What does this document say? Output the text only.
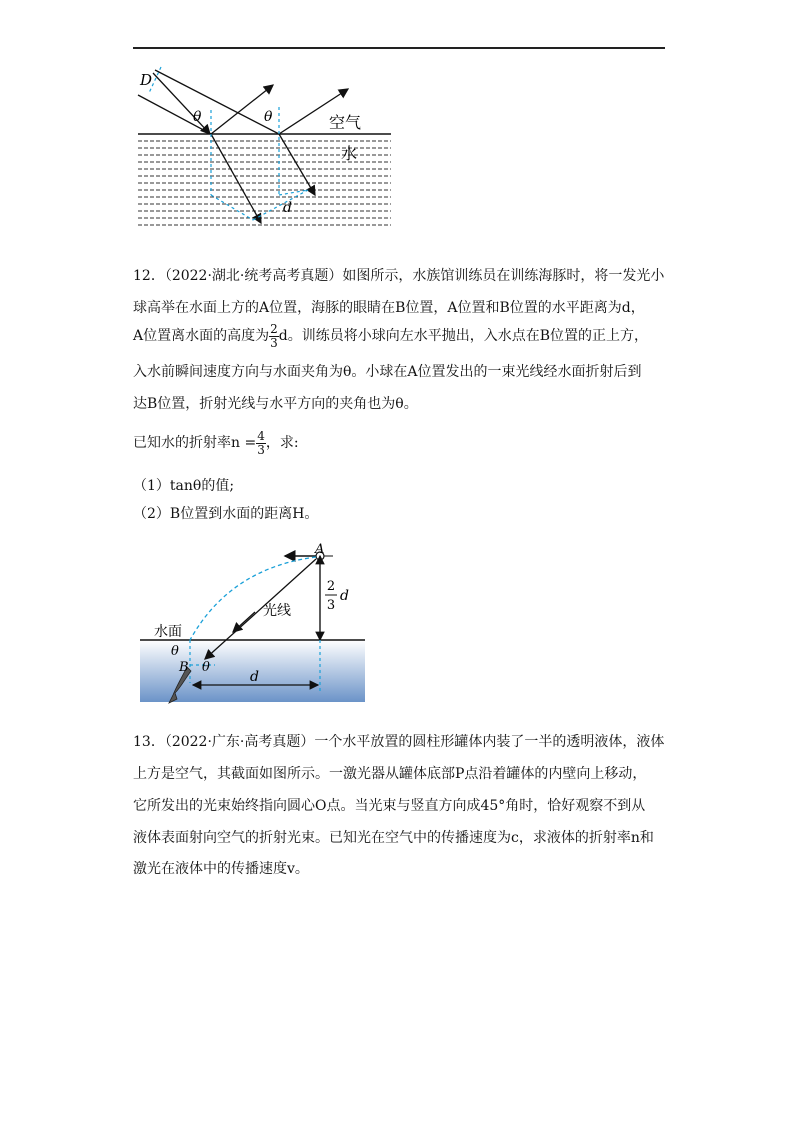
D
θ	θ	空气
水
d
12．（2022·湖北·统考高考真题）如图所示，水族馆训练员在训练海豚时，将一发光小
球高举在水面上方的A位置，海豚的眼睛在B位置，A位置和B位置的水平距离为d，
A位置离水面的高度为 $\frac{2}{3}$ d。训练员将小球向左水平抛出，入水点在B位置的正上方，
入水前瞬间速度方向与水面夹角为θ。小球在A位置发出的一束光线经水面折射后到
达B位置，折射光线与水平方向的夹角也为θ。
已知水的折射率$n = \frac{4}{3}$ ，求:
（1）tanθ的值;
（2）B位置到水面的距离H。
A
光线
水面
θ
B θ
d
2
3
d
13．（2022·广东·高考真题）一个水平放置的圆柱形罐体内装了一半的透明液体，液体
上方是空气，其截面如图所示。一激光器从罐体底部P点沿着罐体的内壁向上移动，
它所发出的光束始终指向圆心O点。当光束与竖直方向成45°角时，恰好观察不到从
液体表面射向空气的折射光束。已知光在空气中的传播速度为c，求液体的折射率n和
激光在液体中的传播速度v。
